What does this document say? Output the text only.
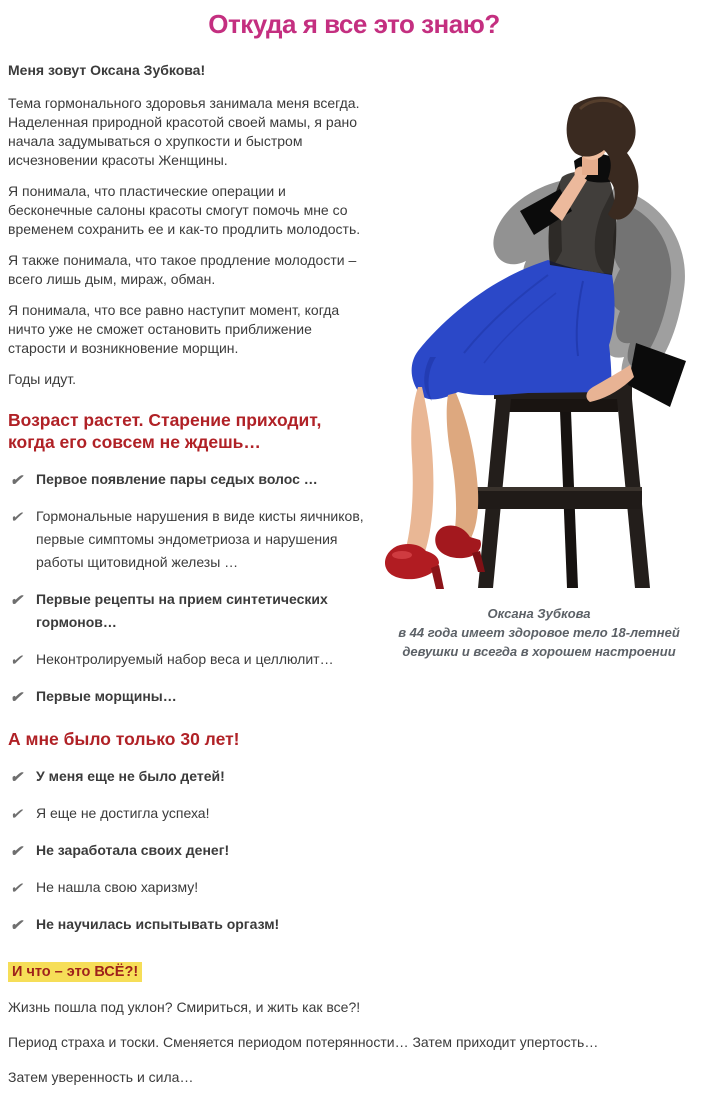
Откуда я все это знаю?
Оксана Зубкова
в 44 года имеет здоровое тело 18-летней
девушки и всегда в хорошем настроении

Меня зовут Оксана Зубкова!

Тема гормонального здоровья занимала меня всегда. Наделенная природной красотой своей мамы, я рано начала задумываться о хрупкости и быстром исчезновении красоты Женщины.

Я понимала, что пластические операции и бесконечные салоны красоты смогут помочь мне со временем сохранить ее и как-то продлить молодость.

Я также понимала, что такое продление молодости – всего лишь дым, мираж, обман.

Я понимала, что все равно наступит момент, когда ничто уже не сможет остановить приближение старости и возникновение морщин.

Годы идут.

Возраст растет. Старение приходит, когда его совсем не ждешь…
✔ Первое появление пары седых волос …
✔ Гормональные нарушения в виде кисты яичников, первые симптомы эндометриоза и нарушения работы щитовидной железы …
✔ Первые рецепты на прием синтетических гормонов…
✔ Неконтролируемый набор веса и целлюлит…
✔ Первые морщины…
А мне было только 30 лет!
✔ У меня еще не было детей!
✔ Я еще не достигла успеха!
✔ Не заработала своих денег!
✔ Не нашла свою харизму!
✔ Не научилась испытывать оргазм!

И что – это ВСЁ?!

Жизнь пошла под уклон? Смириться, и жить как все?!

Период страха и тоски. Сменяется периодом потерянности… Затем приходит упертость…

Затем уверенность и сила…
